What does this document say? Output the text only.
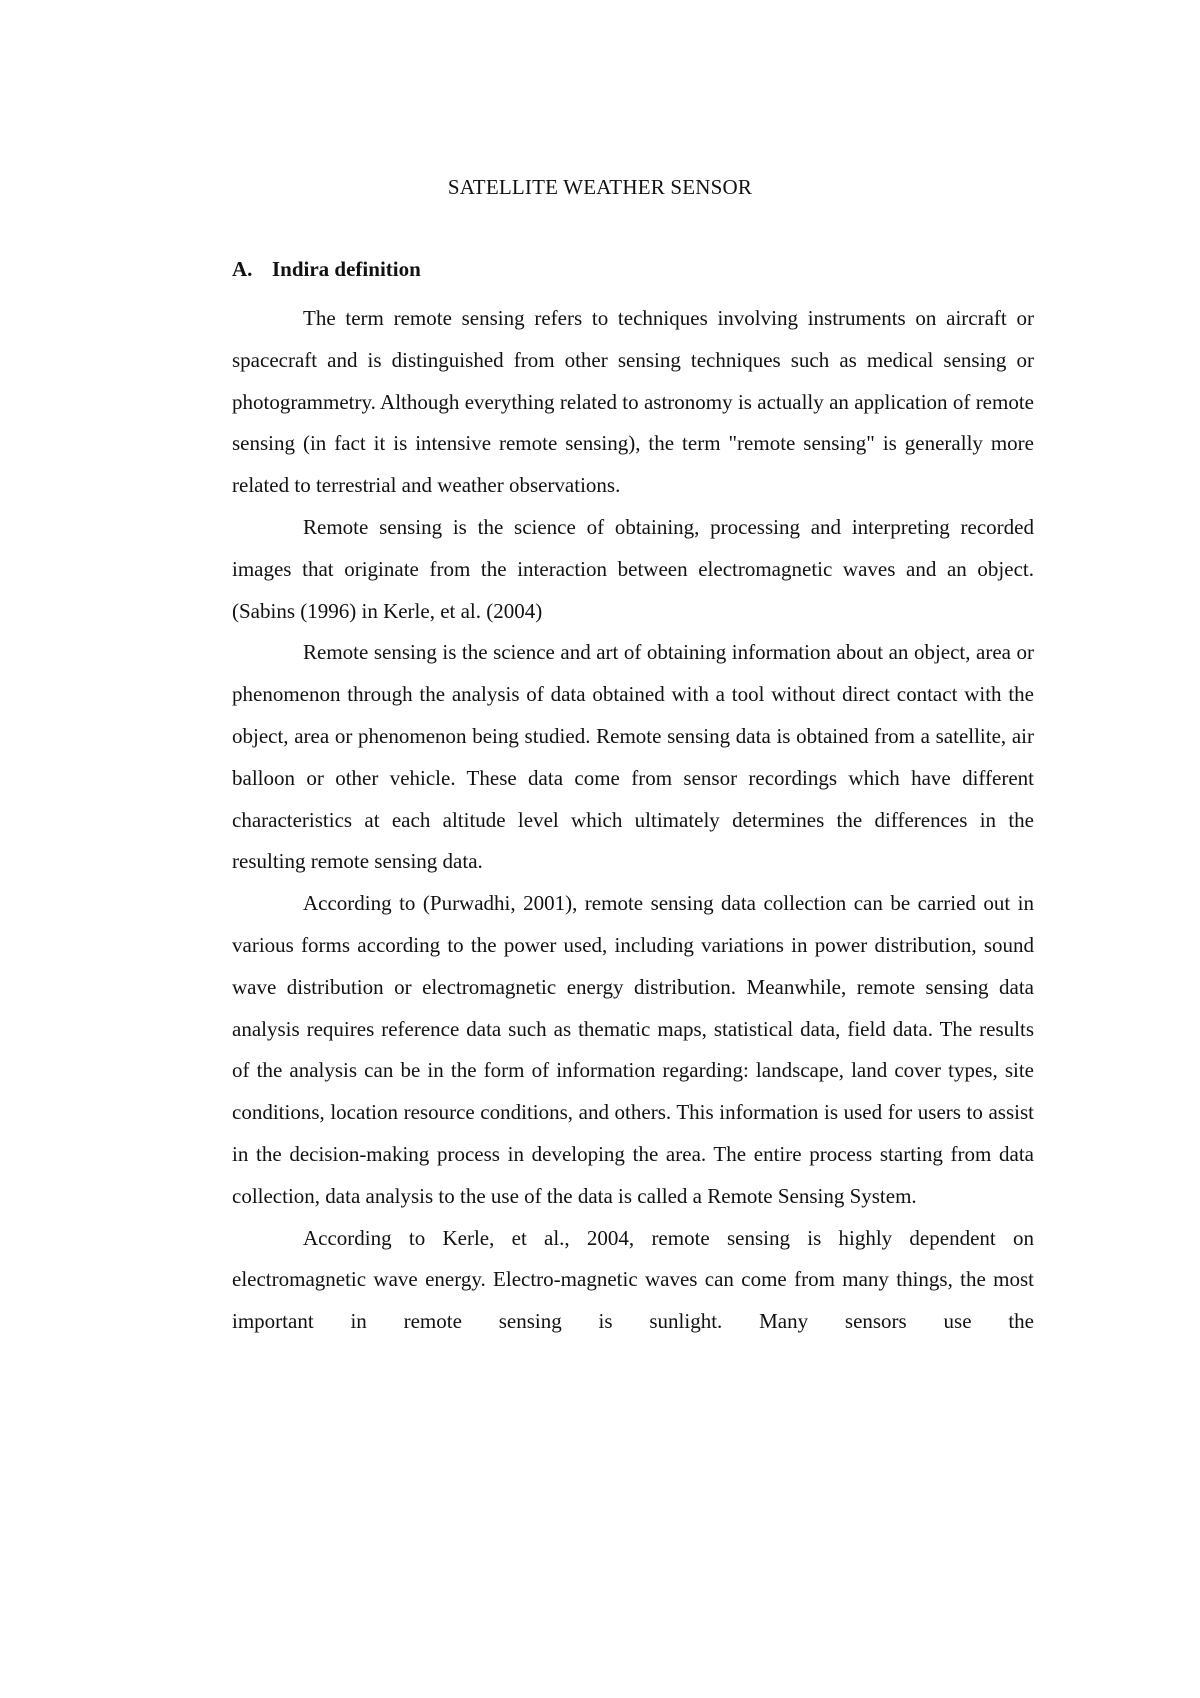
SATELLITE WEATHER SENSOR
A. Indira definition

The term remote sensing refers to techniques involving instruments on aircraft or spacecraft and is distinguished from other sensing techniques such as medical sensing or photogrammetry. Although everything related to astronomy is actually an application of remote sensing (in fact it is intensive remote sensing), the term "remote sensing" is generally more related to terrestrial and weather observations.

Remote sensing is the science of obtaining, processing and interpreting recorded images that originate from the interaction between electromagnetic waves and an object. (Sabins (1996) in Kerle, et al. (2004)

Remote sensing is the science and art of obtaining information about an object, area or phenomenon through the analysis of data obtained with a tool without direct contact with the object, area or phenomenon being studied. Remote sensing data is obtained from a satellite, air balloon or other vehicle. These data come from sensor recordings which have different characteristics at each altitude level which ultimately determines the differences in the resulting remote sensing data.

According to (Purwadhi, 2001), remote sensing data collection can be carried out in various forms according to the power used, including variations in power distribution, sound wave distribution or electromagnetic energy distribution. Meanwhile, remote sensing data analysis requires reference data such as thematic maps, statistical data, field data. The results of the analysis can be in the form of information regarding: landscape, land cover types, site conditions, location resource conditions, and others. This information is used for users to assist in the decision-making process in developing the area. The entire process starting from data collection, data analysis to the use of the data is called a Remote Sensing System.

According to Kerle, et al., 2004, remote sensing is highly dependent on electromagnetic wave energy. Electro-magnetic waves can come from many things, the most important in remote sensing is sunlight. Many sensors use the
